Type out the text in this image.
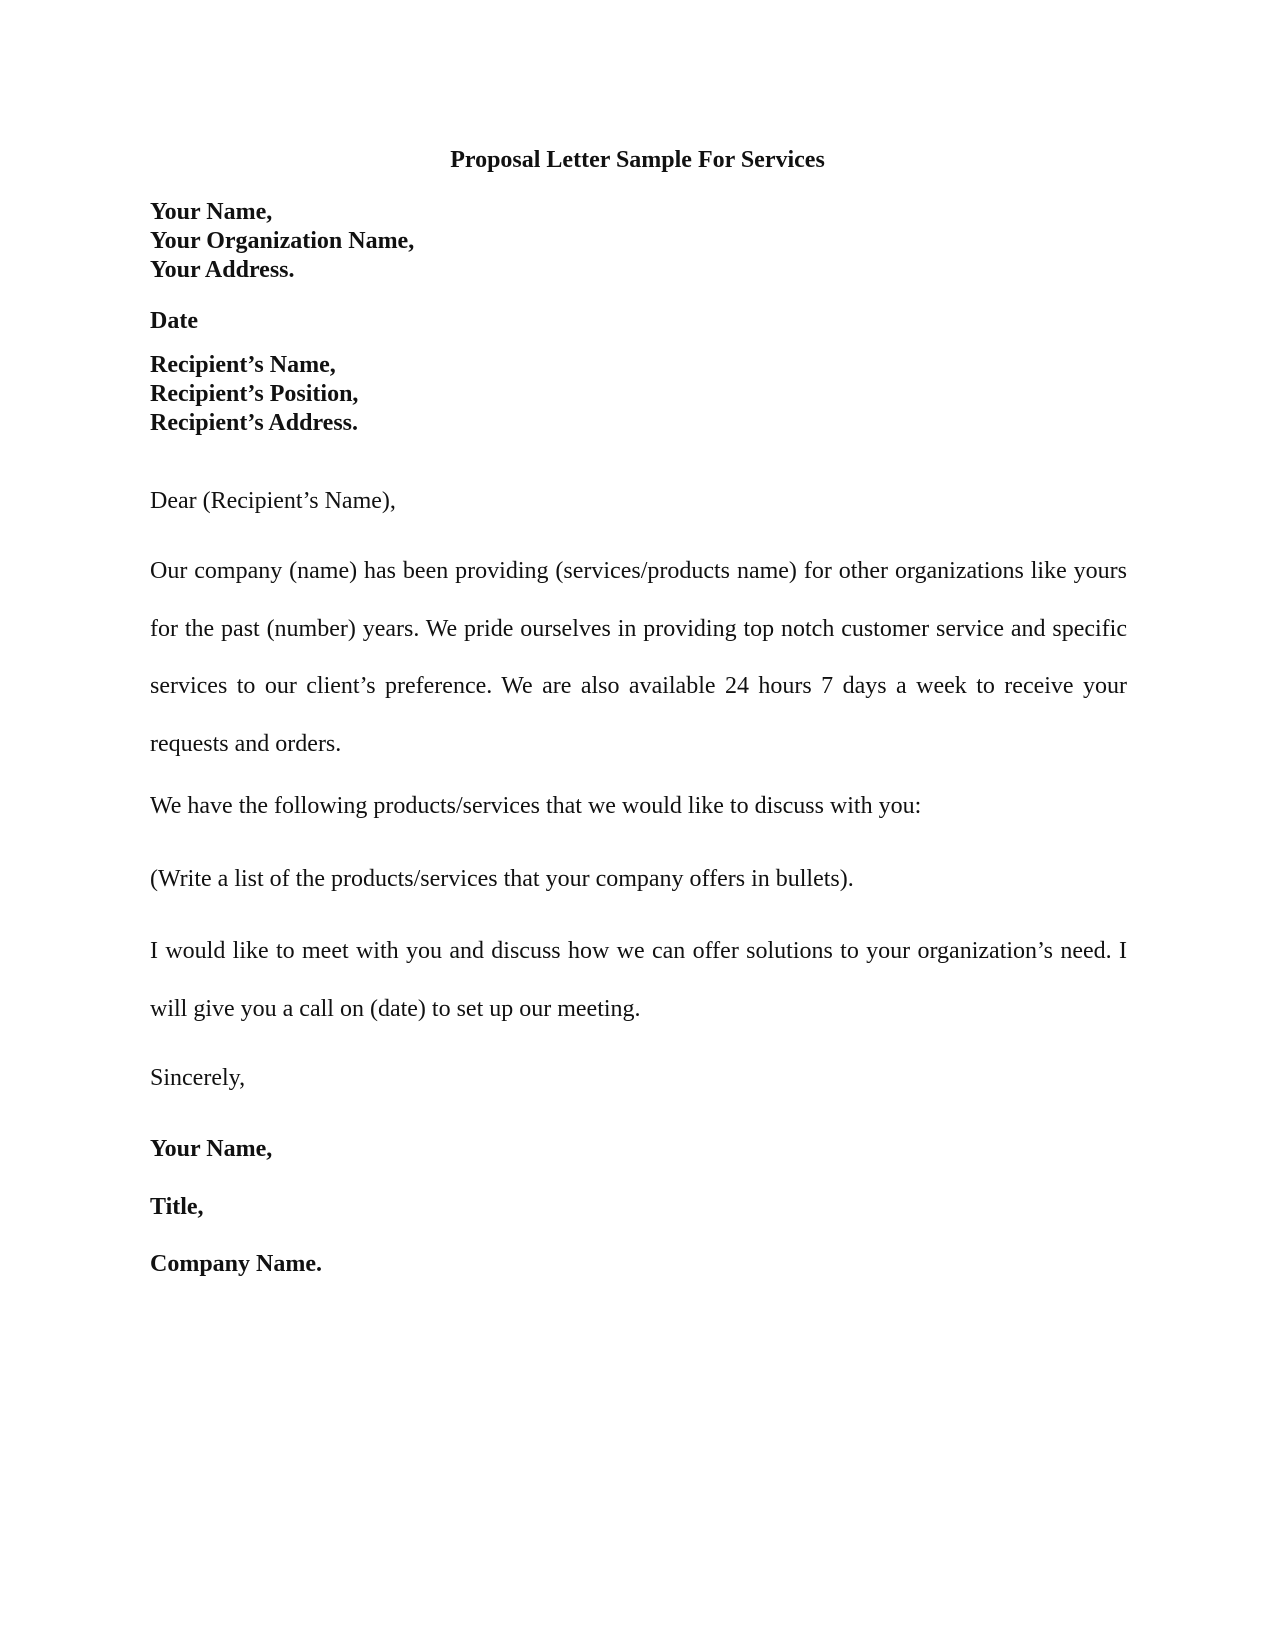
Proposal Letter Sample For Services
Your Name,
Your Organization Name,
Your Address.
Date
Recipient’s Name,
Recipient’s Position,
Recipient’s Address.
Dear (Recipient’s Name),

Our company (name) has been providing (services/products name) for other organizations like yours for the past (number) years. We pride ourselves in providing top notch customer service and specific services to our client’s preference. We are also available 24 hours 7 days a week to receive your requests and orders.

We have the following products/services that we would like to discuss with you:

(Write a list of the products/services that your company offers in bullets).

I would like to meet with you and discuss how we can offer solutions to your organization’s need. I will give you a call on (date) to set up our meeting.

Sincerely,
Your Name,
Title,
Company Name.
